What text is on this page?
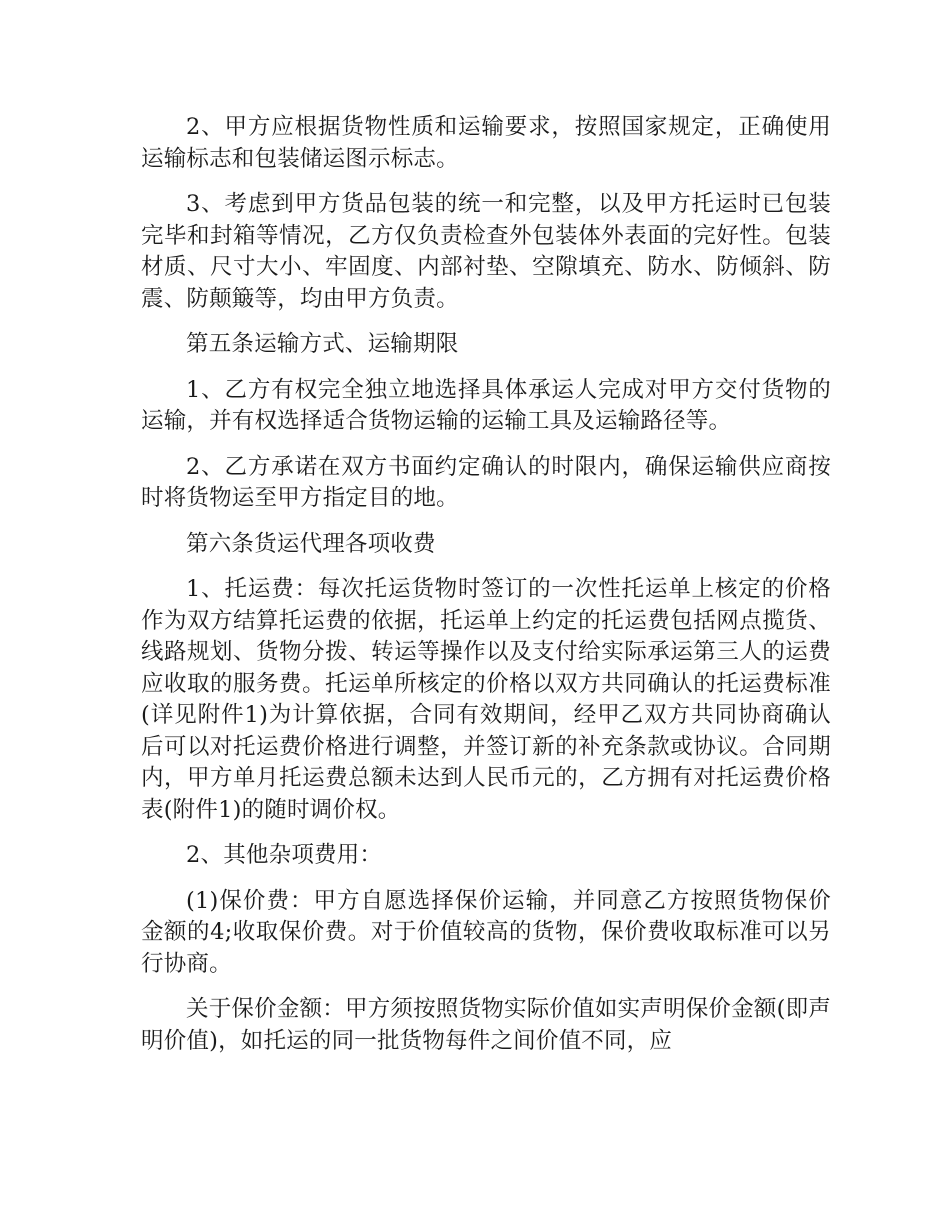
2、甲方应根据货物性质和运输要求，按照国家规定，正确使用运输标志和包装储运图示标志。

3、考虑到甲方货品包装的统一和完整，以及甲方托运时已包装完毕和封箱等情况，乙方仅负责检查外包装体外表面的完好性。包装材质、尺寸大小、牢固度、内部衬垫、空隙填充、防水、防倾斜、防震、防颠簸等，均由甲方负责。

第五条运输方式、运输期限

1、乙方有权完全独立地选择具体承运人完成对甲方交付货物的运输，并有权选择适合货物运输的运输工具及运输路径等。

2、乙方承诺在双方书面约定确认的时限内，确保运输供应商按时将货物运至甲方指定目的地。

第六条货运代理各项收费

1、托运费：每次托运货物时签订的一次性托运单上核定的价格作为双方结算托运费的依据，托运单上约定的托运费包括网点揽货、线路规划、货物分拨、转运等操作以及支付给实际承运第三人的运费应收取的服务费。托运单所核定的价格以双方共同确认的托运费标准(详见附件1)为计算依据，合同有效期间，经甲乙双方共同协商确认后可以对托运费价格进行调整，并签订新的补充条款或协议。合同期内，甲方单月托运费总额未达到人民币元的，乙方拥有对托运费价格表(附件1)的随时调价权。

2、其他杂项费用：

(1)保价费：甲方自愿选择保价运输，并同意乙方按照货物保价金额的4;收取保价费。对于价值较高的货物，保价费收取标准可以另行协商。

关于保价金额：甲方须按照货物实际价值如实声明保价金额(即声明价值)，如托运的同一批货物每件之间价值不同，应
